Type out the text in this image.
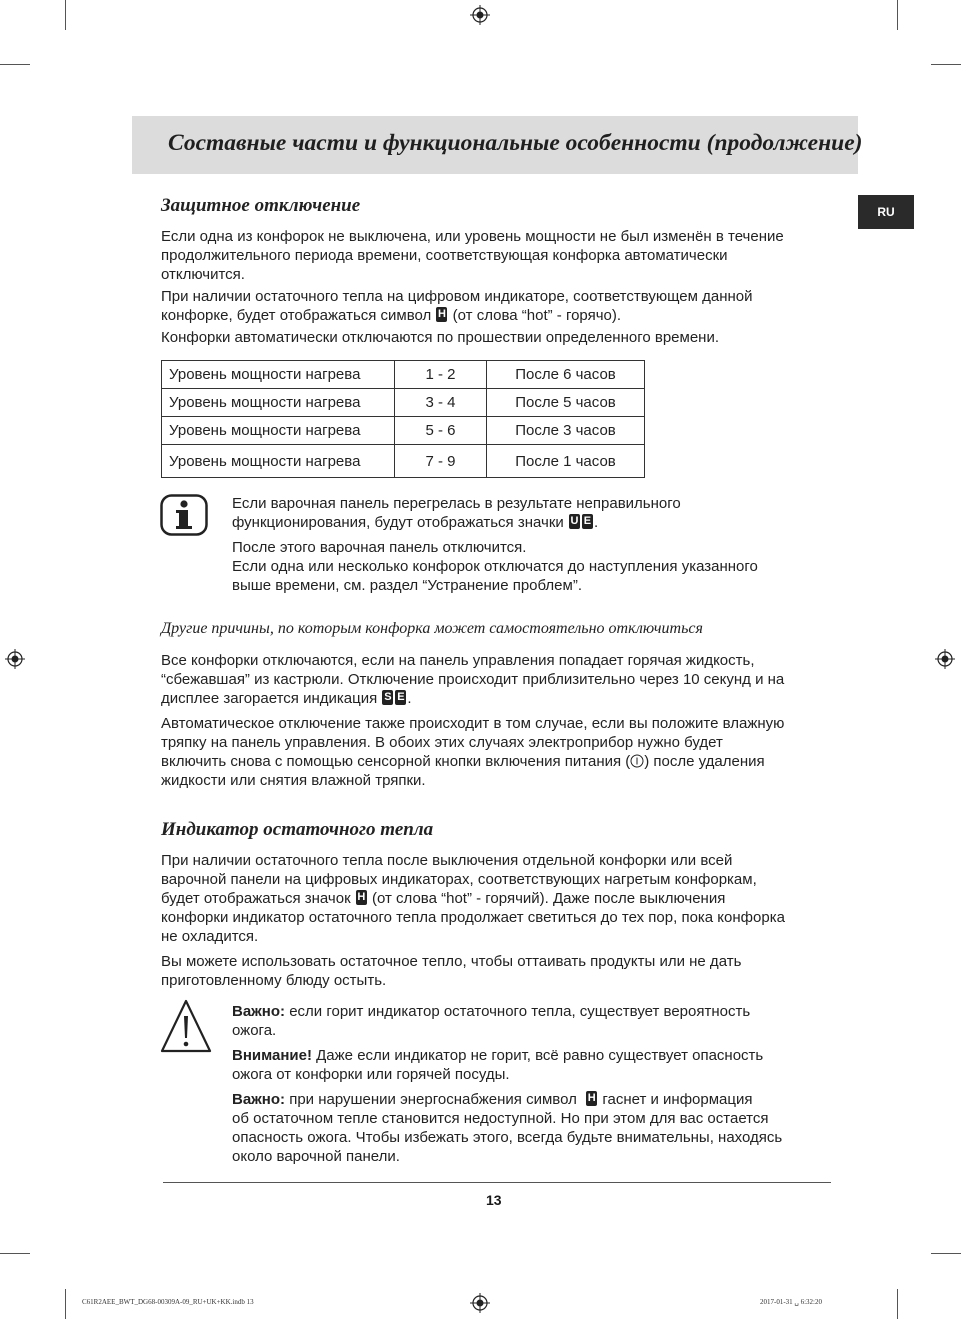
Составные части и функциональные особенности (продолжение)
RU
Защитное отключение
Если одна из конфорок не выключена, или уровень мощности не был изменён в течение
продолжительного периода времени, соответствующая конфорка автоматически
отключится.
При наличии остаточного тепла на цифровом индикаторе, соответствующем данной
конфорке, будет отображаться символ H (от слова “hot” - горячо).
Конфорки автоматически отключаются по прошествии определенного времени.
Уровень мощности нагрева	1 - 2	После 6 часов
Уровень мощности нагрева	3 - 4	После 5 часов
Уровень мощности нагрева	5 - 6	После 3 часов
Уровень мощности нагрева	7 - 9	После 1 часов
Если варочная панель перегрелась в результате неправильного
функционирования, будут отображаться значки U E .
После этого варочная панель отключится.
Если одна или несколько конфорок отключатся до наступления указанного
выше времени, см. раздел “Устранение проблем”.
Другие причины, по которым конфорка может самостоятельно отключиться
Все конфорки отключаются, если на панель управления попадает горячая жидкость,
“сбежавшая” из кастрюли. Отключение происходит приблизительно через 10 секунд и на
дисплее загорается индикация S E .
Автоматическое отключение также происходит в том случае, если вы положите влажную
тряпку на панель управления. В обоих этих случаях электроприбор нужно будет
включить снова с помощью сенсорной кнопки включения питания ( ) после удаления
жидкости или снятия влажной тряпки.
Индикатор остаточного тепла
При наличии остаточного тепла после выключения отдельной конфорки или всей
варочной панели на цифровых индикаторах, соответствующих нагретым конфоркам,
будет отображаться значок H (от слова “hot” - горячий). Даже после выключения
конфорки индикатор остаточного тепла продолжает светиться до тех пор, пока конфорка
не охладится.
Вы можете использовать остаточное тепло, чтобы оттаивать продукты или не дать
приготовленному блюду остыть.
Важно: если горит индикатор остаточного тепла, существует вероятность
ожога.
Внимание! Даже если индикатор не горит, всё равно существует опасность
ожога от конфорки или горячей посуды.
Важно: при нарушении энергоснабжения символ H гаснет и информация
об остаточном тепле становится недоступной. Но при этом для вас остается
опасность ожога. Чтобы избежать этого, всегда будьте внимательны, находясь
около варочной панели.
13
C61R2AEE_BWT_DG68-00309A-09_RU+UK+KK.indb 13	2017-01-31 ␣ 6:32:20
